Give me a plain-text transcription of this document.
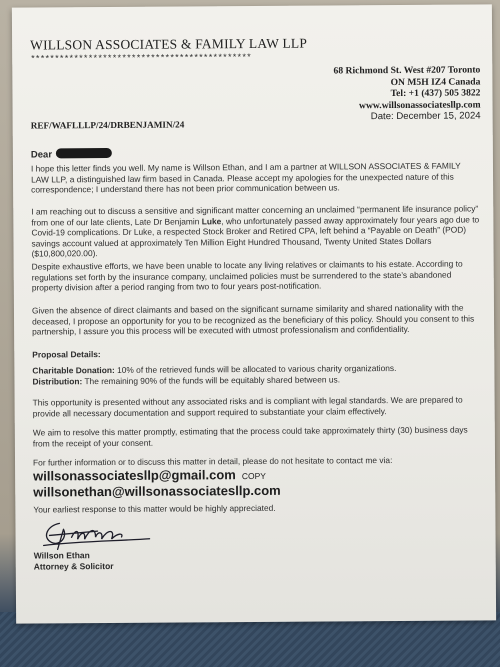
WILLSON ASSOCIATES & FAMILY LAW LLP
**********************************************
68 Richmond St. West #207 Toronto
ON M5H IZ4 Canada
Tel: +1 (437) 505 3822
www.willsonassociatesllp.com
Date: December 15, 2024
REF/WAFLLLP/24/DRBENJAMIN/24
Dear
I hope this letter finds you well. My name is Willson Ethan, and I am a partner at WILLSON ASSOCIATES & FAMILY LAW LLP, a distinguished law firm based in Canada. Please accept my apologies for the unexpected nature of this correspondence; I understand there has not been prior communication between us.
I am reaching out to discuss a sensitive and significant matter concerning an unclaimed “permanent life insurance policy” from one of our late clients, Late Dr Benjamin Luke, who unfortunately passed away approximately four years ago due to Covid-19 complications. Dr Luke, a respected Stock Broker and Retired CPA, left behind a “Payable on Death” (POD) savings account valued at approximately Ten Million Eight Hundred Thousand, Twenty United States Dollars ($10,800,020.00).
Despite exhaustive efforts, we have been unable to locate any living relatives or claimants to his estate. According to regulations set forth by the insurance company, unclaimed policies must be surrendered to the state’s abandoned property division after a period ranging from two to four years post-notification.
Given the absence of direct claimants and based on the significant surname similarity and shared nationality with the deceased, I propose an opportunity for you to be recognized as the beneficiary of this policy. Should you consent to this partnership, I assure you this process will be executed with utmost professionalism and confidentiality.
Proposal Details:
Charitable Donation: 10% of the retrieved funds will be allocated to various charity organizations.
Distribution: The remaining 90% of the funds will be equitably shared between us.
This opportunity is presented without any associated risks and is compliant with legal standards. We are prepared to provide all necessary documentation and support required to substantiate your claim effectively.
We aim to resolve this matter promptly, estimating that the process could take approximately thirty (30) business days from the receipt of your consent.
For further information or to discuss this matter in detail, please do not hesitate to contact me via:
willsonassociatesllp@gmail.com COPY
willsonethan@willsonassociatesllp.com
Your earliest response to this matter would be highly appreciated.
Willson Ethan
Attorney & Solicitor
